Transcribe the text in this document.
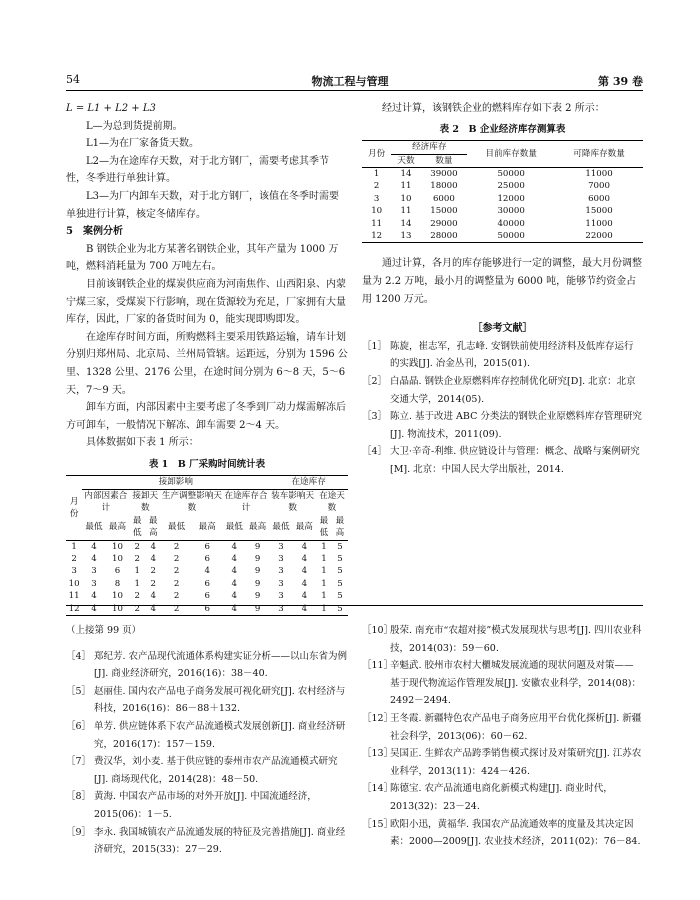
54	物流工程与管理	第 39 卷

L = L1 + L2 + L3

L—为总到货提前期。

L1—为在厂家备货天数。

L2—为在途库存天数，对于北方钢厂，需要考虑其季节性，冬季进行单独计算。

L3—为厂内卸车天数，对于北方钢厂，该值在冬季时需要单独进行计算，核定冬储库存。

5　案例分析

B 钢铁企业为北方某著名钢铁企业，其年产量为 1000 万吨，燃料消耗量为 700 万吨左右。

目前该钢铁企业的煤炭供应商为河南焦作、山西阳泉、内蒙宁煤三家，受煤炭下行影响，现在货源较为充足，厂家拥有大量库存，因此，厂家的备货时间为 0，能实现即购即发。

在途库存时间方面，所购燃料主要采用铁路运输，请车计划分别归郑州局、北京局、兰州局管辖。运距远，分别为 1596 公里、1328 公里、2176 公里，在途时间分别为 6～8 天，5～6 天，7～9 天。

卸车方面，内部因素中主要考虑了冬季到厂动力煤需解冻后方可卸车，一般情况下解冻、卸车需要 2～4 天。

具体数据如下表 1 所示：

表 1　B 厂采购时间统计表

月份	接卸影响								在途库存			
	内部因素合计		接卸天数		生产调整影响天数		在途库存合计		装车影响天数		在途天数	
	最低	最高	最低	最高	最低	最高	最低	最高	最低	最高	最低	最高
1	4	10	2	4	2	6	4	9	3	4	1	5
2	4	10	2	4	2	6	4	9	3	4	1	5
3	3	6	1	2	2	4	4	9	3	4	1	5
10	3	8	1	2	2	6	4	9	3	4	1	5
11	4	10	2	4	2	6	4	9	3	4	1	5
12	4	10	2	4	2	6	4	9	3	4	1	5

经过计算，该钢铁企业的燃料库存如下表 2 所示：

表 2　B 企业经济库存测算表

月份	经济库存		目前库存数量	可降库存数量
	天数	数量		
1	14	39000	50000	11000
2	11	18000	25000	7000
3	10	6000	12000	6000
10	11	15000	30000	15000
11	14	29000	40000	11000
12	13	28000	50000	22000

通过计算，各月的库存能够进行一定的调整，最大月份调整量为 2.2 万吨，最小月的调整量为 6000 吨，能够节约资金占用 1200 万元。

［参考文献］

［1］ 陈旋，崔志军，孔志峰. 安钢铁前使用经济料及低库存运行的实践[J]. 冶金丛刊，2015(01).

［2］ 白晶晶. 钢铁企业原燃料库存控制优化研究[D]. 北京：北京交通大学，2014(05).

［3］ 陈立. 基于改进 ABC 分类法的钢铁企业原燃料库存管理研究[J]. 物流技术，2011(09).

［4］ 大卫·辛奇-利维. 供应链设计与管理：概念、战略与案例研究[M]. 北京：中国人民大学出版社，2014.

（上接第 99 页）

［4］ 郑纪芳. 农产品现代流通体系构建实证分析——以山东省为例[J]. 商业经济研究，2016(16)：38－40.

［5］ 赵丽佳. 国内农产品电子商务发展可视化研究[J]. 农村经济与科技，2016(16)：86－88＋132.

［6］ 单芳. 供应链体系下农产品流通模式发展创新[J]. 商业经济研究，2016(17)：157－159.

［7］ 费汉华，刘小麦. 基于供应链的泰州市农产品流通模式研究[J]. 商场现代化，2014(28)：48－50.

［8］ 黄海. 中国农产品市场的对外开放[J]. 中国流通经济，2015(06)：1－5.

［9］ 李永. 我国城镇农产品流通发展的特征及完善措施[J]. 商业经济研究，2015(33)：27－29.

［10］
殷荣. 南充市“农超对接”模式发展现状与思考[J]. 四川农业科技，2014(03)：59－60.

［11］
辛魁武. 胶州市农村大櫃城发展流通的现状问题及对策——基于现代物流运作管理发展[J]. 安徽农业科学，2014(08)：2492－2494.

［12］
王冬霞. 新疆特色农产品电子商务应用平台优化探析[J]. 新疆社会科学，2013(06)：60－62.

［13］
吴国正. 生鲜农产品跨季销售模式探讨及对策研究[J]. 江苏农业科学，2013(11)：424－426.

［14］
陈德宝. 农产品流通电商化新模式构建[J]. 商业时代，2013(32)：23－24.

［15］
欧阳小迅，黄福华. 我国农产品流通效率的度量及其决定因素：2000—2009[J]. 农业技术经济，2011(02)：76－84.
